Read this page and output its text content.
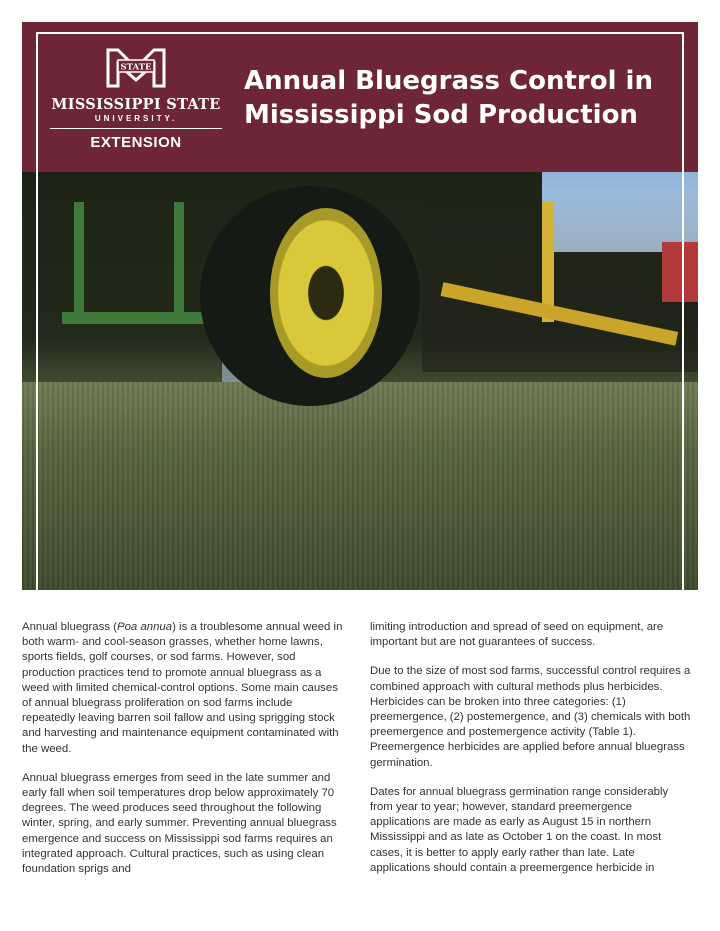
STATE
MISSISSIPPI STATE
UNIVERSITY.
EXTENSION
Annual Bluegrass Control in
Mississippi Sod Production

Annual bluegrass (Poa annua) is a troublesome annual weed in both warm- and cool-season grasses, whether home lawns, sports fields, golf courses, or sod farms. However, sod production practices tend to promote annual bluegrass as a weed with limited chemical-control options. Some main causes of annual bluegrass proliferation on sod farms include repeatedly leaving barren soil fallow and using sprigging stock and harvesting and maintenance equipment contaminated with the weed.

Annual bluegrass emerges from seed in the late summer and early fall when soil temperatures drop below approximately 70 degrees. The weed produces seed throughout the following winter, spring, and early summer. Preventing annual bluegrass emergence and success on Mississippi sod farms requires an integrated approach. Cultural practices, such as using clean foundation sprigs and

limiting introduction and spread of seed on equipment, are important but are not guarantees of success.

Due to the size of most sod farms, successful control requires a combined approach with cultural methods plus herbicides. Herbicides can be broken into three categories: (1) preemergence, (2) postemergence, and (3) chemicals with both preemergence and postemergence activity (Table 1). Preemergence herbicides are applied before annual bluegrass germination.

Dates for annual bluegrass germination range considerably from year to year; however, standard preemergence applications are made as early as August 15 in northern Mississippi and as late as October 1 on the coast. In most cases, it is better to apply early rather than late. Late applications should contain a preemergence herbicide in
